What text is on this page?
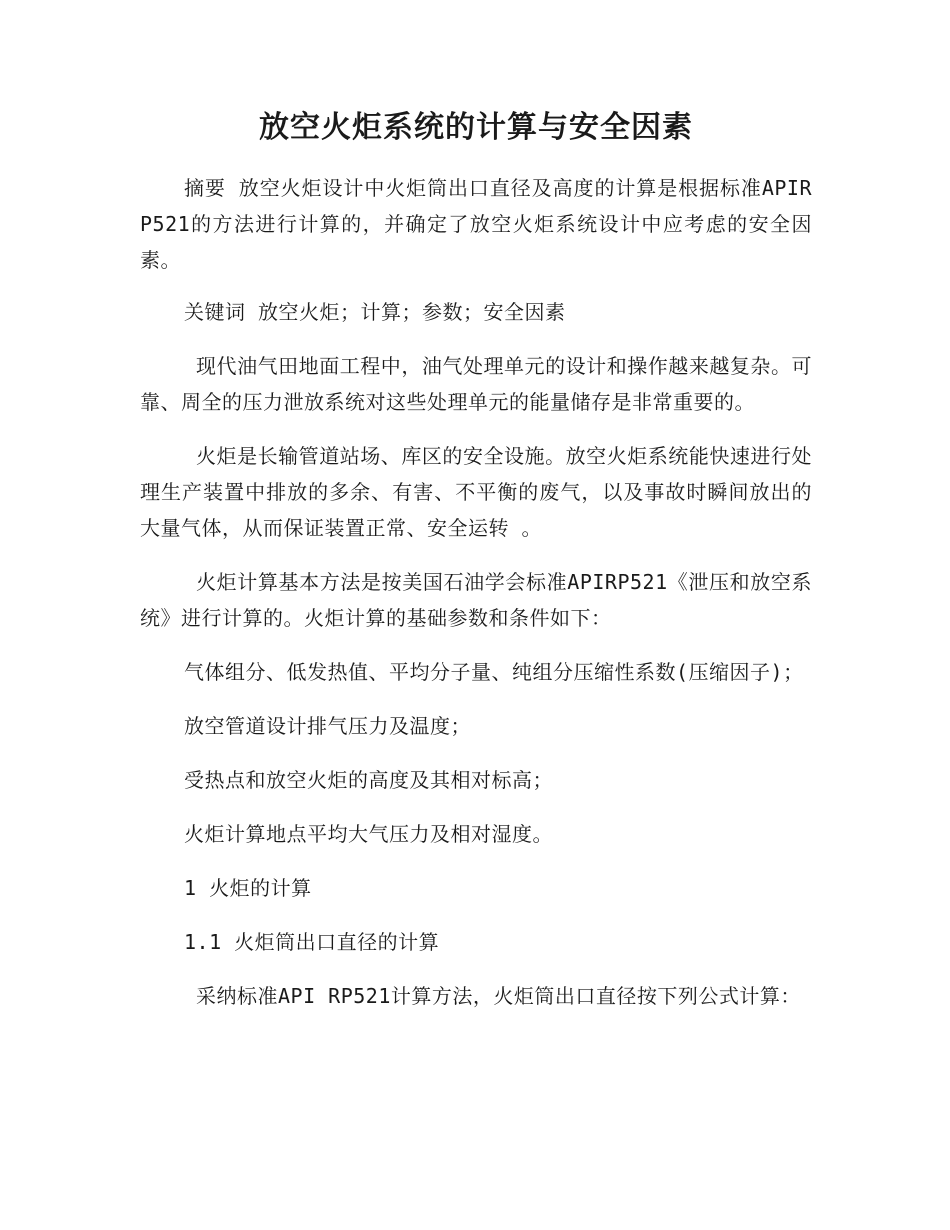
放空火炬系统的计算与安全因素

摘要 放空火炬设计中火炬筒出口直径及高度的计算是根据标准APIRP521的方法进行计算的，并确定了放空火炬系统设计中应考虑的安全因素。

关键词 放空火炬；计算；参数；安全因素

现代油气田地面工程中，油气处理单元的设计和操作越来越复杂。可靠、周全的压力泄放系统对这些处理单元的能量储存是非常重要的。

火炬是长输管道站场、库区的安全设施。放空火炬系统能快速进行处理生产装置中排放的多余、有害、不平衡的废气，以及事故时瞬间放出的大量气体，从而保证装置正常、安全运转 。

火炬计算基本方法是按美国石油学会标准APIRP521《泄压和放空系统》进行计算的。火炬计算的基础参数和条件如下：

气体组分、低发热值、平均分子量、纯组分压缩性系数(压缩因子)；

放空管道设计排气压力及温度；

受热点和放空火炬的高度及其相对标高；

火炬计算地点平均大气压力及相对湿度。

1 火炬的计算

1.1 火炬筒出口直径的计算

采纳标准API RP521计算方法，火炬筒出口直径按下列公式计算：
